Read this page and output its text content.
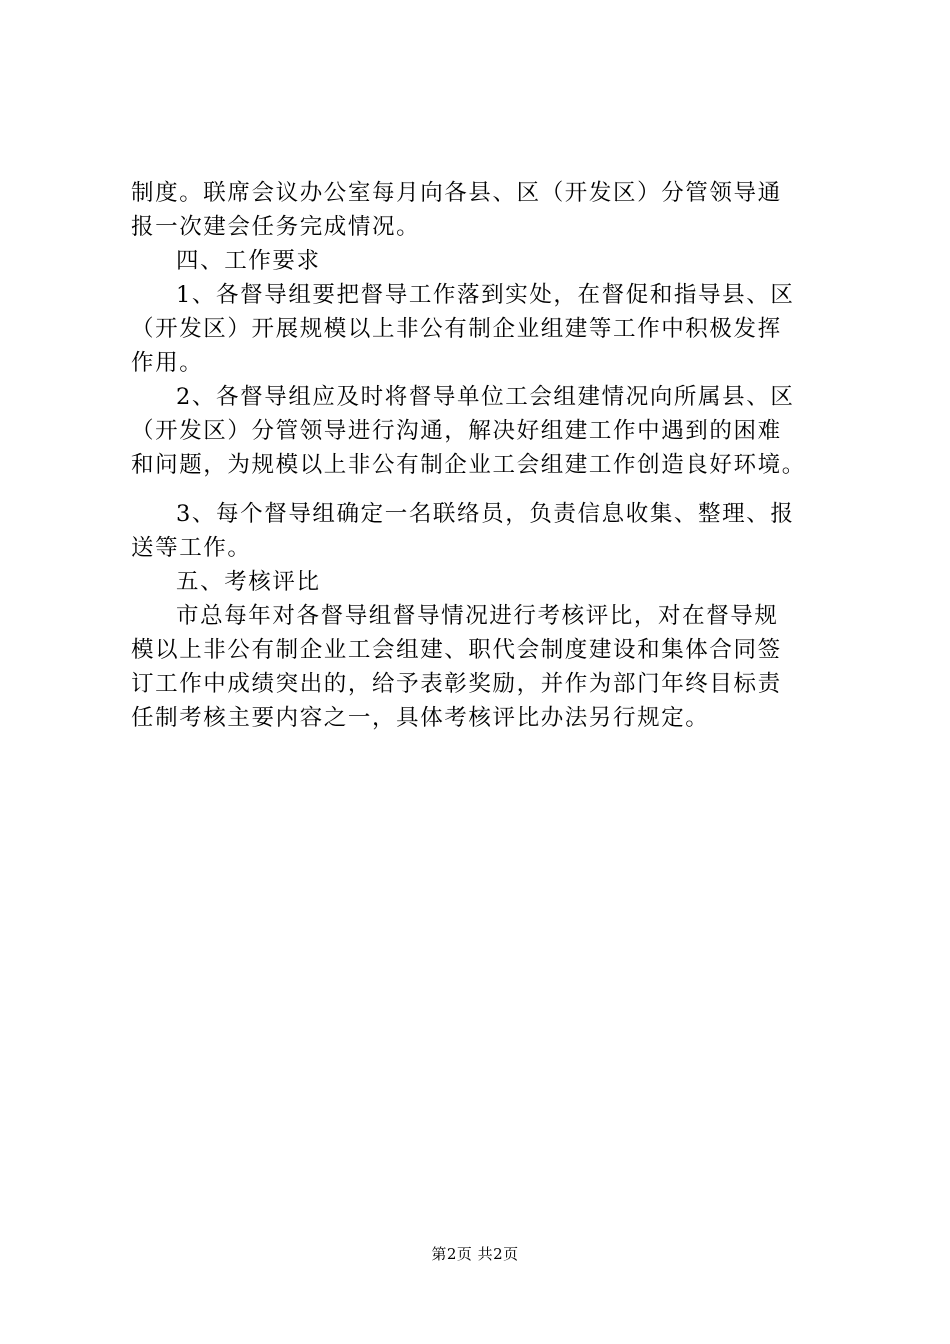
制度。联席会议办公室每月向各县、区（开发区）分管领导通
报一次建会任务完成情况。
四、工作要求
1、各督导组要把督导工作落到实处，在督促和指导县、区
（开发区）开展规模以上非公有制企业组建等工作中积极发挥
作用。
2、各督导组应及时将督导单位工会组建情况向所属县、区
（开发区）分管领导进行沟通，解决好组建工作中遇到的困难
和问题，为规模以上非公有制企业工会组建工作创造良好环境。
3、每个督导组确定一名联络员，负责信息收集、整理、报
送等工作。
五、考核评比
市总每年对各督导组督导情况进行考核评比，对在督导规
模以上非公有制企业工会组建、职代会制度建设和集体合同签
订工作中成绩突出的，给予表彰奖励，并作为部门年终目标责
任制考核主要内容之一，具体考核评比办法另行规定。
第2页 共2页
